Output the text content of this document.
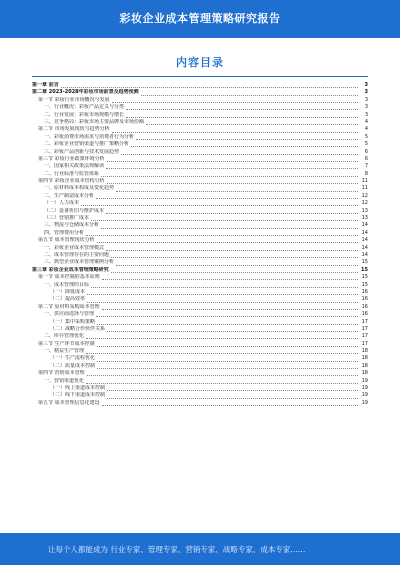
彩妆企业成本管理策略研究报告
内容目录
第一章 前言	3
第二章 2023-2028年彩妆市场前景及趋势预测	3
第一节 彩妆行业市场概况与发展	3
一、行业概况：彩妆产品定义与分类	3
二、行业发展：彩妆市场规模与增长	3
三、竞争格局：彩妆市场主要品牌及市场份额	4
第二节 市场发展现状与趋势分析	4
一、彩妆消费市场需求与消费者行为分析	5
二、彩妆企业营销渠道与推广策略分析	5
三、彩妆产品创新与技术发展趋势	6
第三节 彩妆行业政策环境分析	6
一、国家相关政策法规解读	7
二、行业标准与监管体系	8
第四节 彩妆企业成本结构分析	11
一、原材料成本构成及变化趋势	11
二、生产制造成本分析	12
（一）人力成本	12
（二）设备折旧与维护成本	13
（三）营销推广成本	13
三、物流与仓储成本分析	14
四、管理费用分析	14
第五节 成本管理现状分析	14
一、彩妆企业成本管理模式	14
二、成本管理存在的主要问题	14
三、典型企业成本管理案例分析	15
第三章 彩妆企业成本管理策略研究	15
第一节 成本控制的基本原则	15
一、成本管理的目标	15
（一）降低成本	16
（二）提高效率	16
第二节 原材料采购成本管理	16
一、供应商选择与管理	16
（一）集中采购策略	17
（二）战略合作伙伴关系	17
二、库存管理优化	17
第三节 生产环节成本控制	17
一、精益生产管理	18
（一）生产流程优化	18
（二）质量成本控制	18
第四节 营销成本管理	18
一、营销渠道优化	19
（一）线上渠道成本控制	19
（二）线下渠道成本控制	19
第五节 成本管理信息化建设	19
让每个人都能成为 行业专家、管理专家、营销专家、战略专家、成本专家……
